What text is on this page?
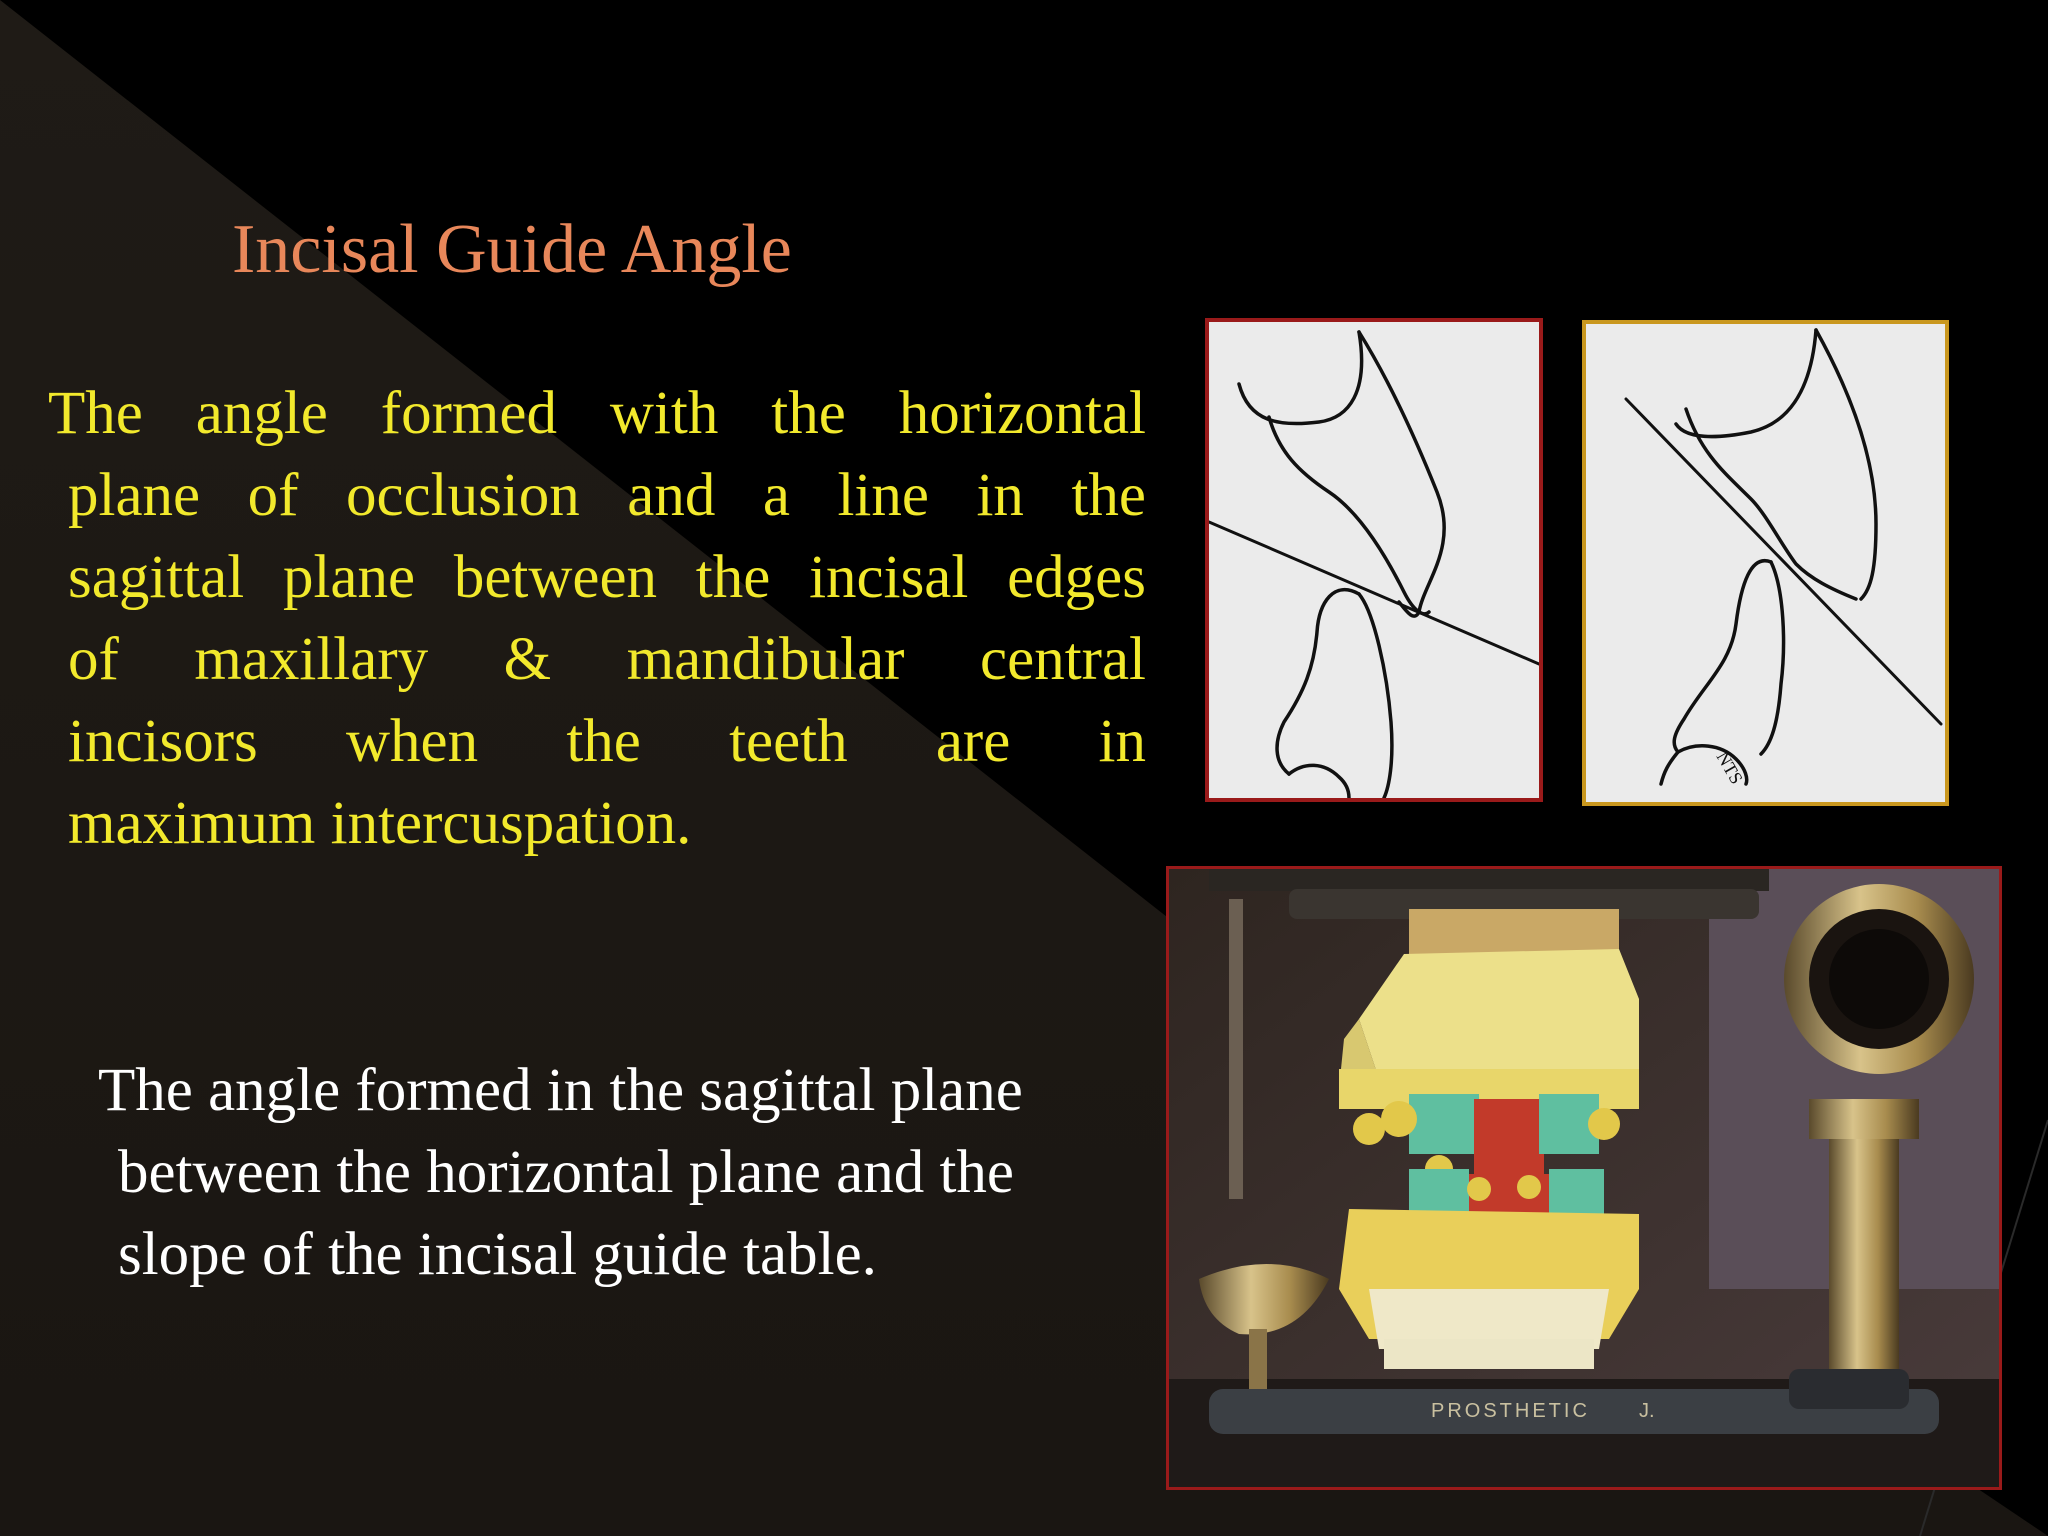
Incisal Guide Angle
The angle formed with the horizontal
plane of occlusion and a line in the
sagittal plane between the incisal edges
of maxillary & mandibular central
incisors when the teeth are in
maximum intercuspation.
The angle formed in the sagittal plane
between the horizontal plane and the
slope of the incisal guide table.
NTS
PROSTHETIC J.
